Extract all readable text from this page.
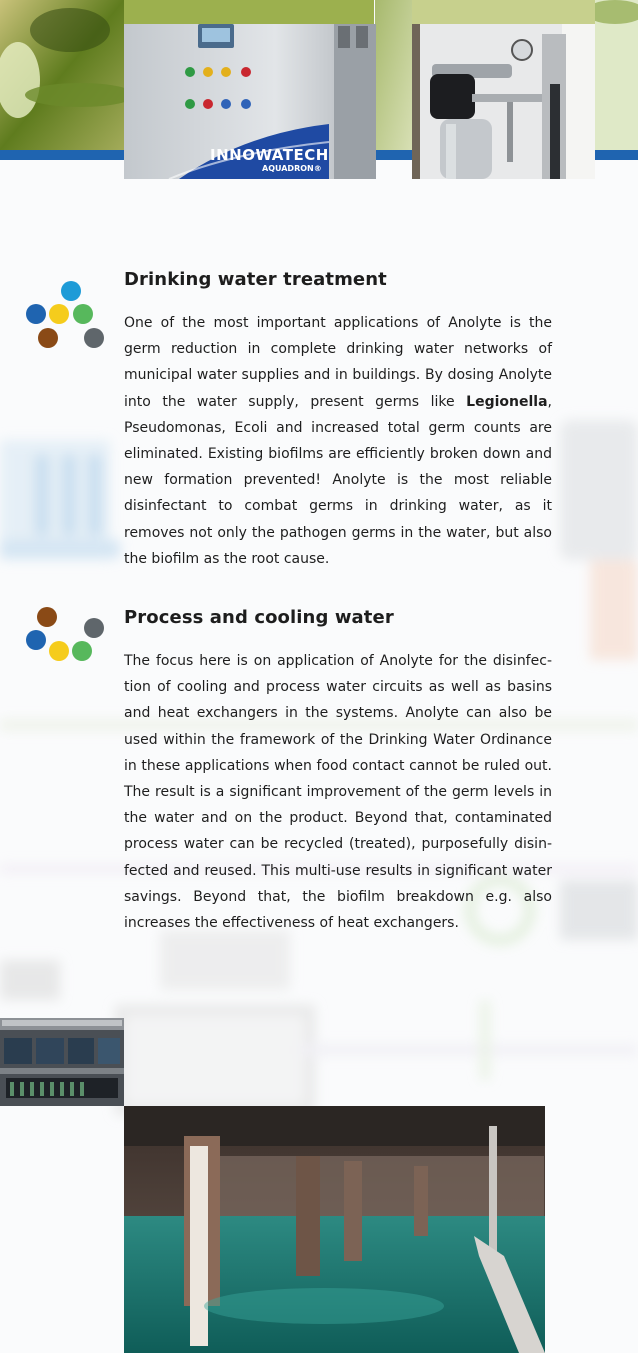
INNOWATECH
AQUADRON®
Drinking water treatment

One of the most important applications of Anolyte is the germ reduction in complete drinking water networks of municipal water supplies and in buildings. By dosing Anolyte into the water supply, present germs like Legionella, Pseudomonas, Ecoli and increased total germ counts are eliminated. Existing biofilms are efficiently broken down and new formation prevented! Anolyte is the most reliable disinfectant to combat germs in drinking water, as it removes not only the pathogen germs in the water, but also the biofilm as the root cause.

Process and cooling water

The focus here is on application of Anolyte for the disinfection of cooling and process water circuits as well as basins and heat exchangers in the systems. Anolyte can also be used within the framework of the Drinking Water Ordinance in these applications when food contact cannot be ruled out. The result is a significant improvement of the germ levels in the water and on the product. Beyond that, contaminated process water can be recycled (treated), purposefully disinfected and reused. This multi-use results in significant water savings. Beyond that, the biofilm breakdown e.g. also increases the effectiveness of heat exchangers.
